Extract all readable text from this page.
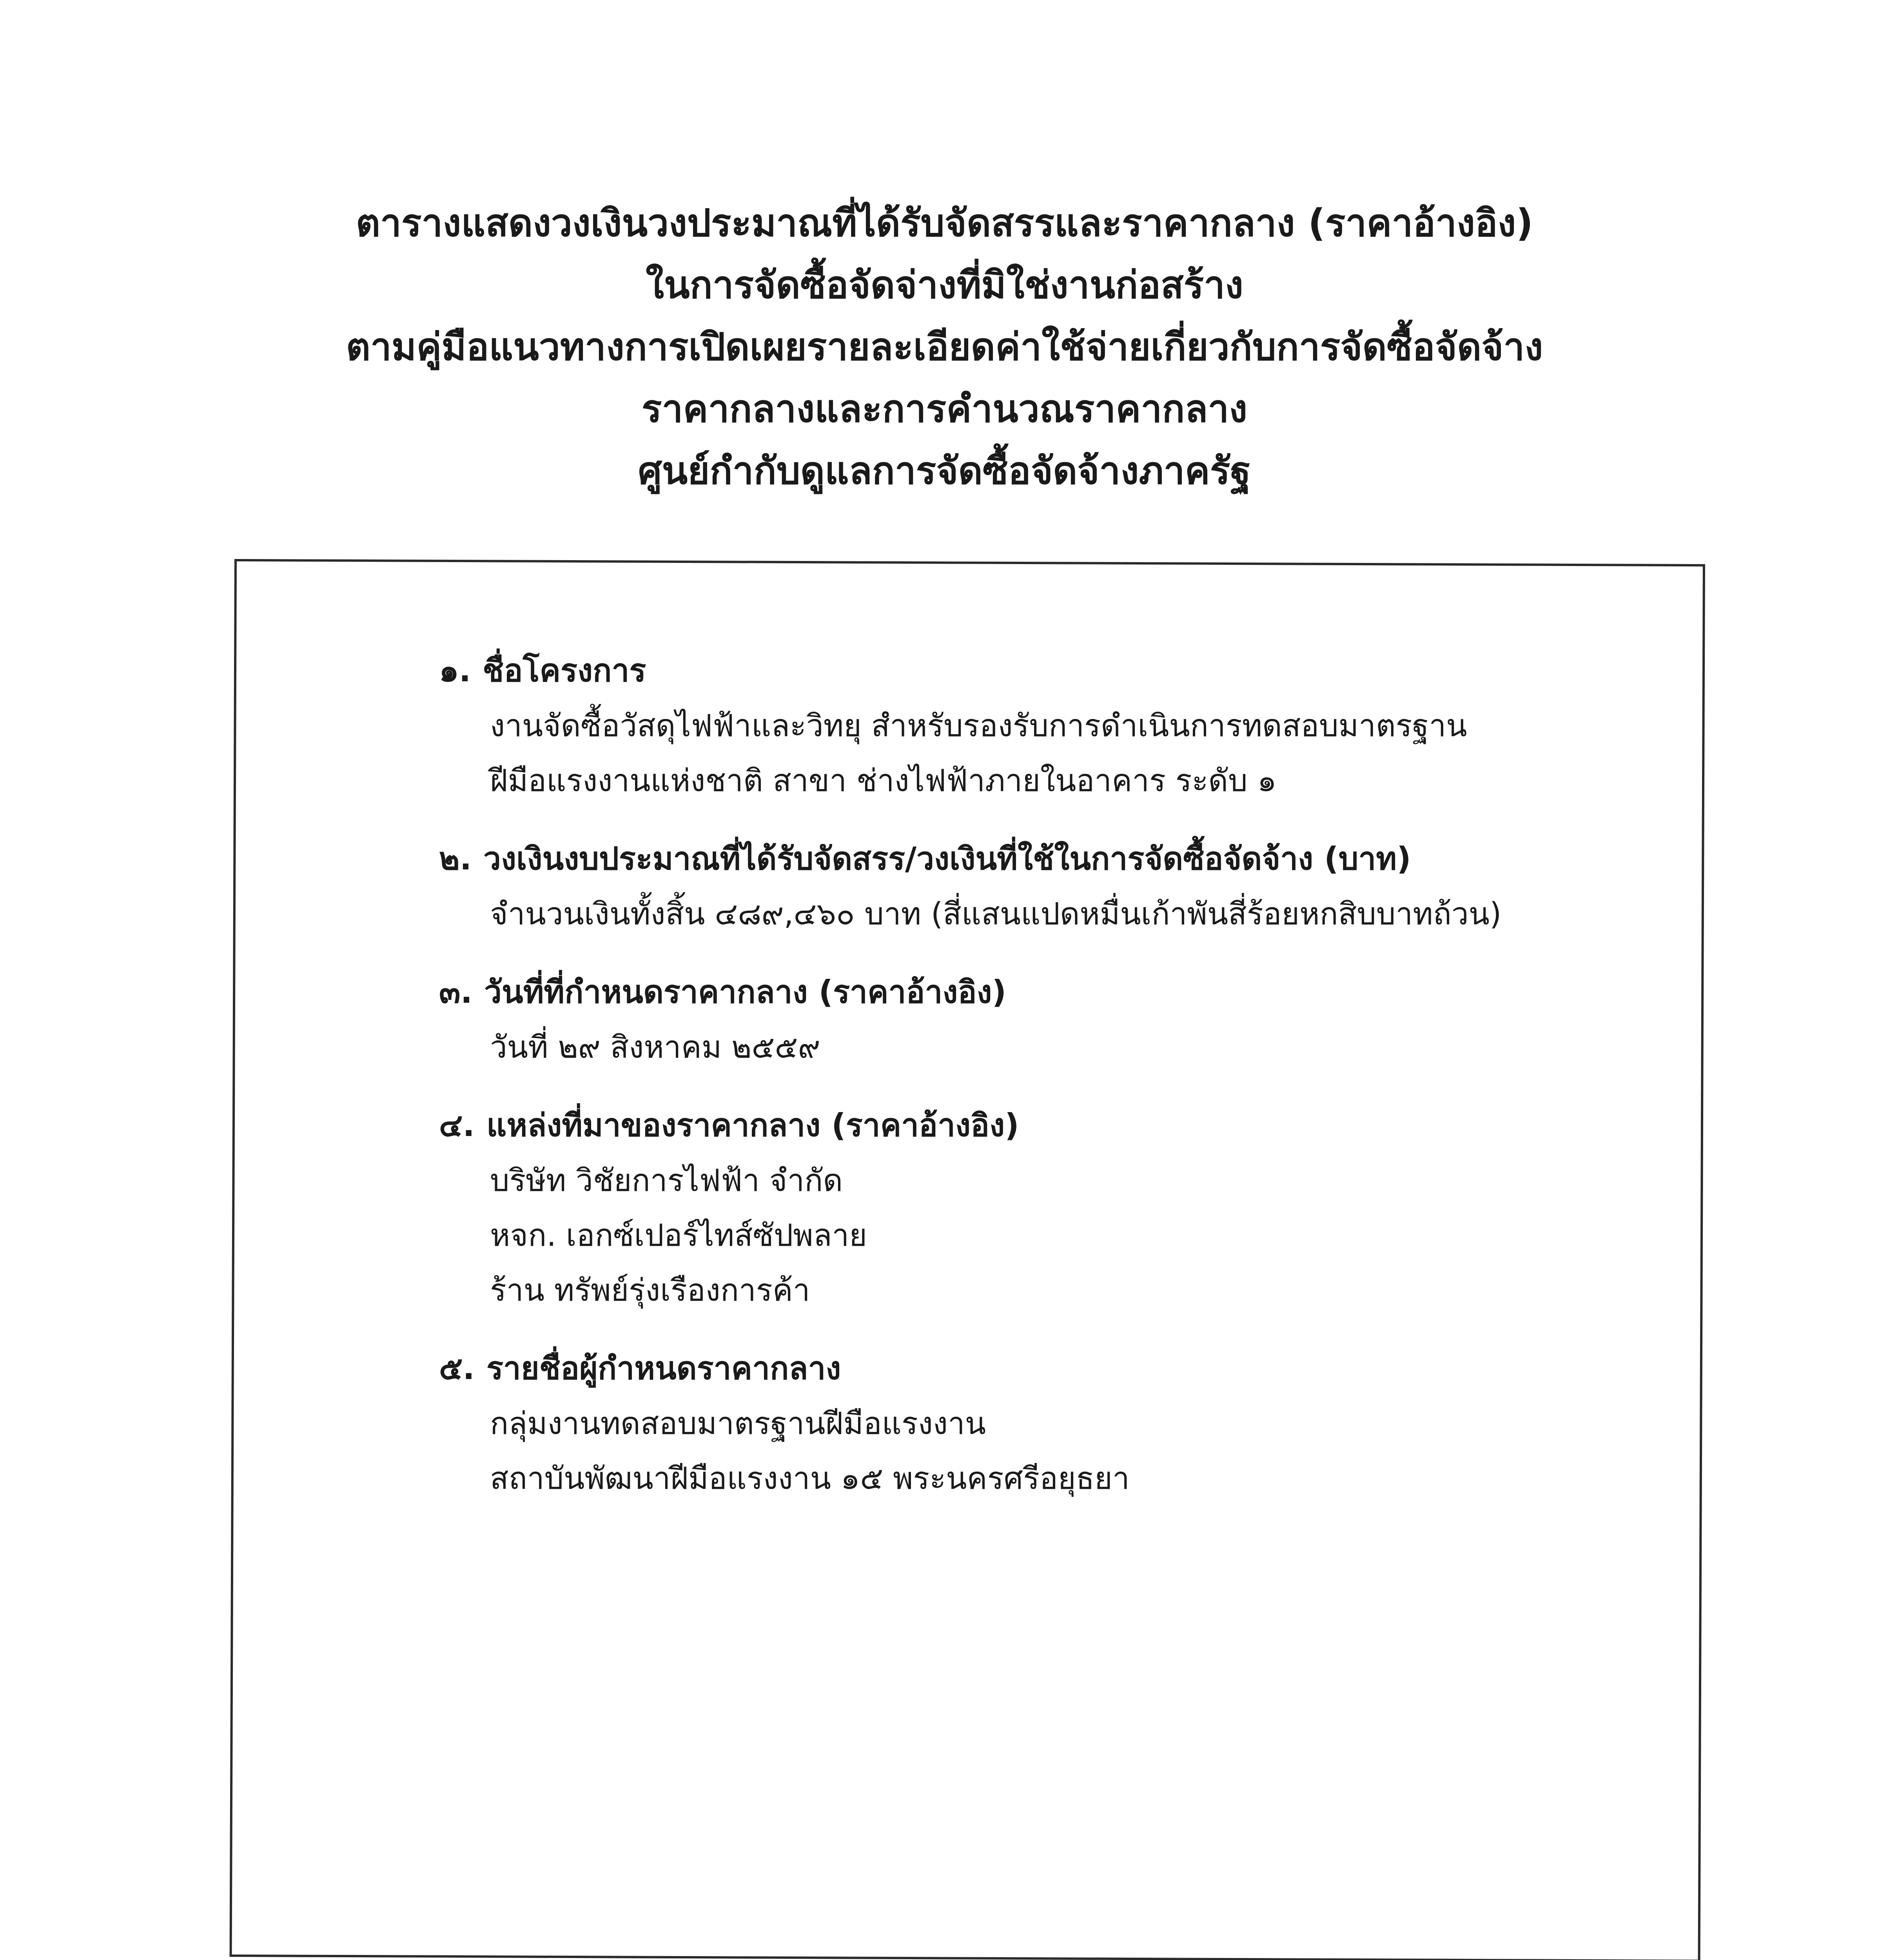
ตารางแสดงวงเงินวงประมาณที่ได้รับจัดสรรและราคากลาง (ราคาอ้างอิง)
ในการจัดซื้อจัดจ่างที่มิใช่งานก่อสร้าง
ตามคู่มือแนวทางการเปิดเผยรายละเอียดค่าใช้จ่ายเกี่ยวกับการจัดซื้อจัดจ้าง
ราคากลางและการคำนวณราคากลาง
ศูนย์กำกับดูแลการจัดซื้อจัดจ้างภาครัฐ
๑. ชื่อโครงการ
งานจัดซื้อวัสดุไฟฟ้าและวิทยุ สำหรับรองรับการดำเนินการทดสอบมาตรฐาน
ฝีมือแรงงานแห่งชาติ สาขา ช่างไฟฟ้าภายในอาคาร ระดับ ๑
๒. วงเงินงบประมาณที่ได้รับจัดสรร/วงเงินที่ใช้ในการจัดซื้อจัดจ้าง (บาท)
จำนวนเงินทั้งสิ้น ๔๘๙,๔๖๐ บาท (สี่แสนแปดหมื่นเก้าพันสี่ร้อยหกสิบบาทถ้วน)
๓. วันที่ที่กำหนดราคากลาง (ราคาอ้างอิง)
วันที่ ๒๙ สิงหาคม ๒๕๕๙
๔. แหล่งที่มาของราคากลาง (ราคาอ้างอิง)
บริษัท วิชัยการไฟฟ้า จำกัด
หจก. เอกซ์เปอร์ไทส์ซัปพลาย
ร้าน ทรัพย์รุ่งเรืองการค้า
๕. รายชื่อผู้กำหนดราคากลาง
กลุ่มงานทดสอบมาตรฐานฝีมือแรงงาน
สถาบันพัฒนาฝีมือแรงงาน ๑๕ พระนครศรีอยุธยา
